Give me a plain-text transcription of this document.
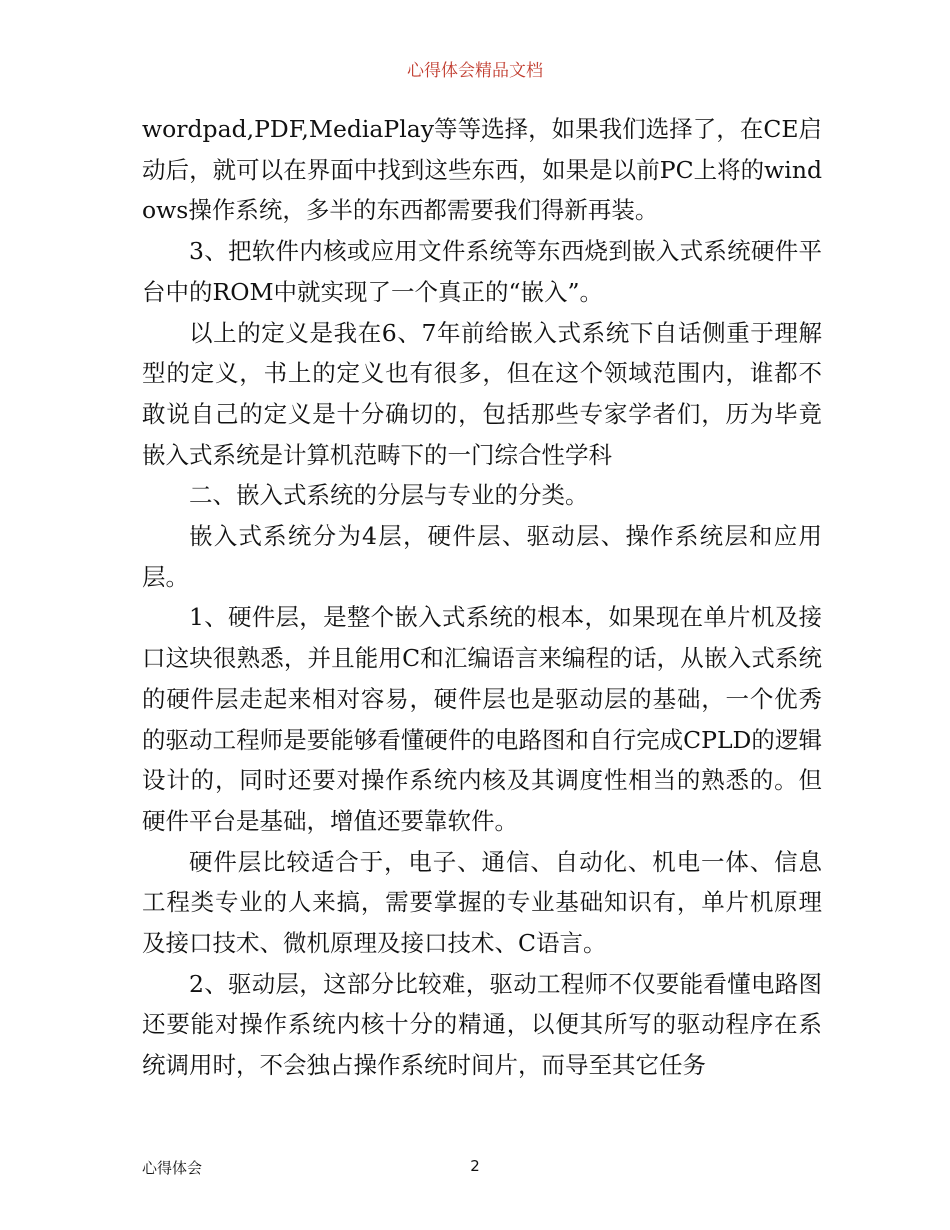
心得体会精品文档

wordpad,PDF,MediaPlay等等选择，如果我们选择了，在CE启动后，就可以在界面中找到这些东西，如果是以前PC上将的windows操作系统，多半的东西都需要我们得新再装。

3、把软件内核或应用文件系统等东西烧到嵌入式系统硬件平台中的ROM中就实现了一个真正的“嵌入”。

以上的定义是我在6、7年前给嵌入式系统下自话侧重于理解型的定义，书上的定义也有很多，但在这个领域范围内，谁都不敢说自己的定义是十分确切的，包括那些专家学者们，历为毕竟嵌入式系统是计算机范畴下的一门综合性学科

二、嵌入式系统的分层与专业的分类。

嵌入式系统分为4层，硬件层、驱动层、操作系统层和应用层。

1、硬件层，是整个嵌入式系统的根本，如果现在单片机及接口这块很熟悉，并且能用C和汇编语言来编程的话，从嵌入式系统的硬件层走起来相对容易，硬件层也是驱动层的基础，一个优秀的驱动工程师是要能够看懂硬件的电路图和自行完成CPLD的逻辑设计的，同时还要对操作系统内核及其调度性相当的熟悉的。但硬件平台是基础，增值还要靠软件。

硬件层比较适合于，电子、通信、自动化、机电一体、信息工程类专业的人来搞，需要掌握的专业基础知识有，单片机原理及接口技术、微机原理及接口技术、C语言。

2、驱动层，这部分比较难，驱动工程师不仅要能看懂电路图还要能对操作系统内核十分的精通，以便其所写的驱动程序在系统调用时，不会独占操作系统时间片，而导至其它任务

心得体会	2
